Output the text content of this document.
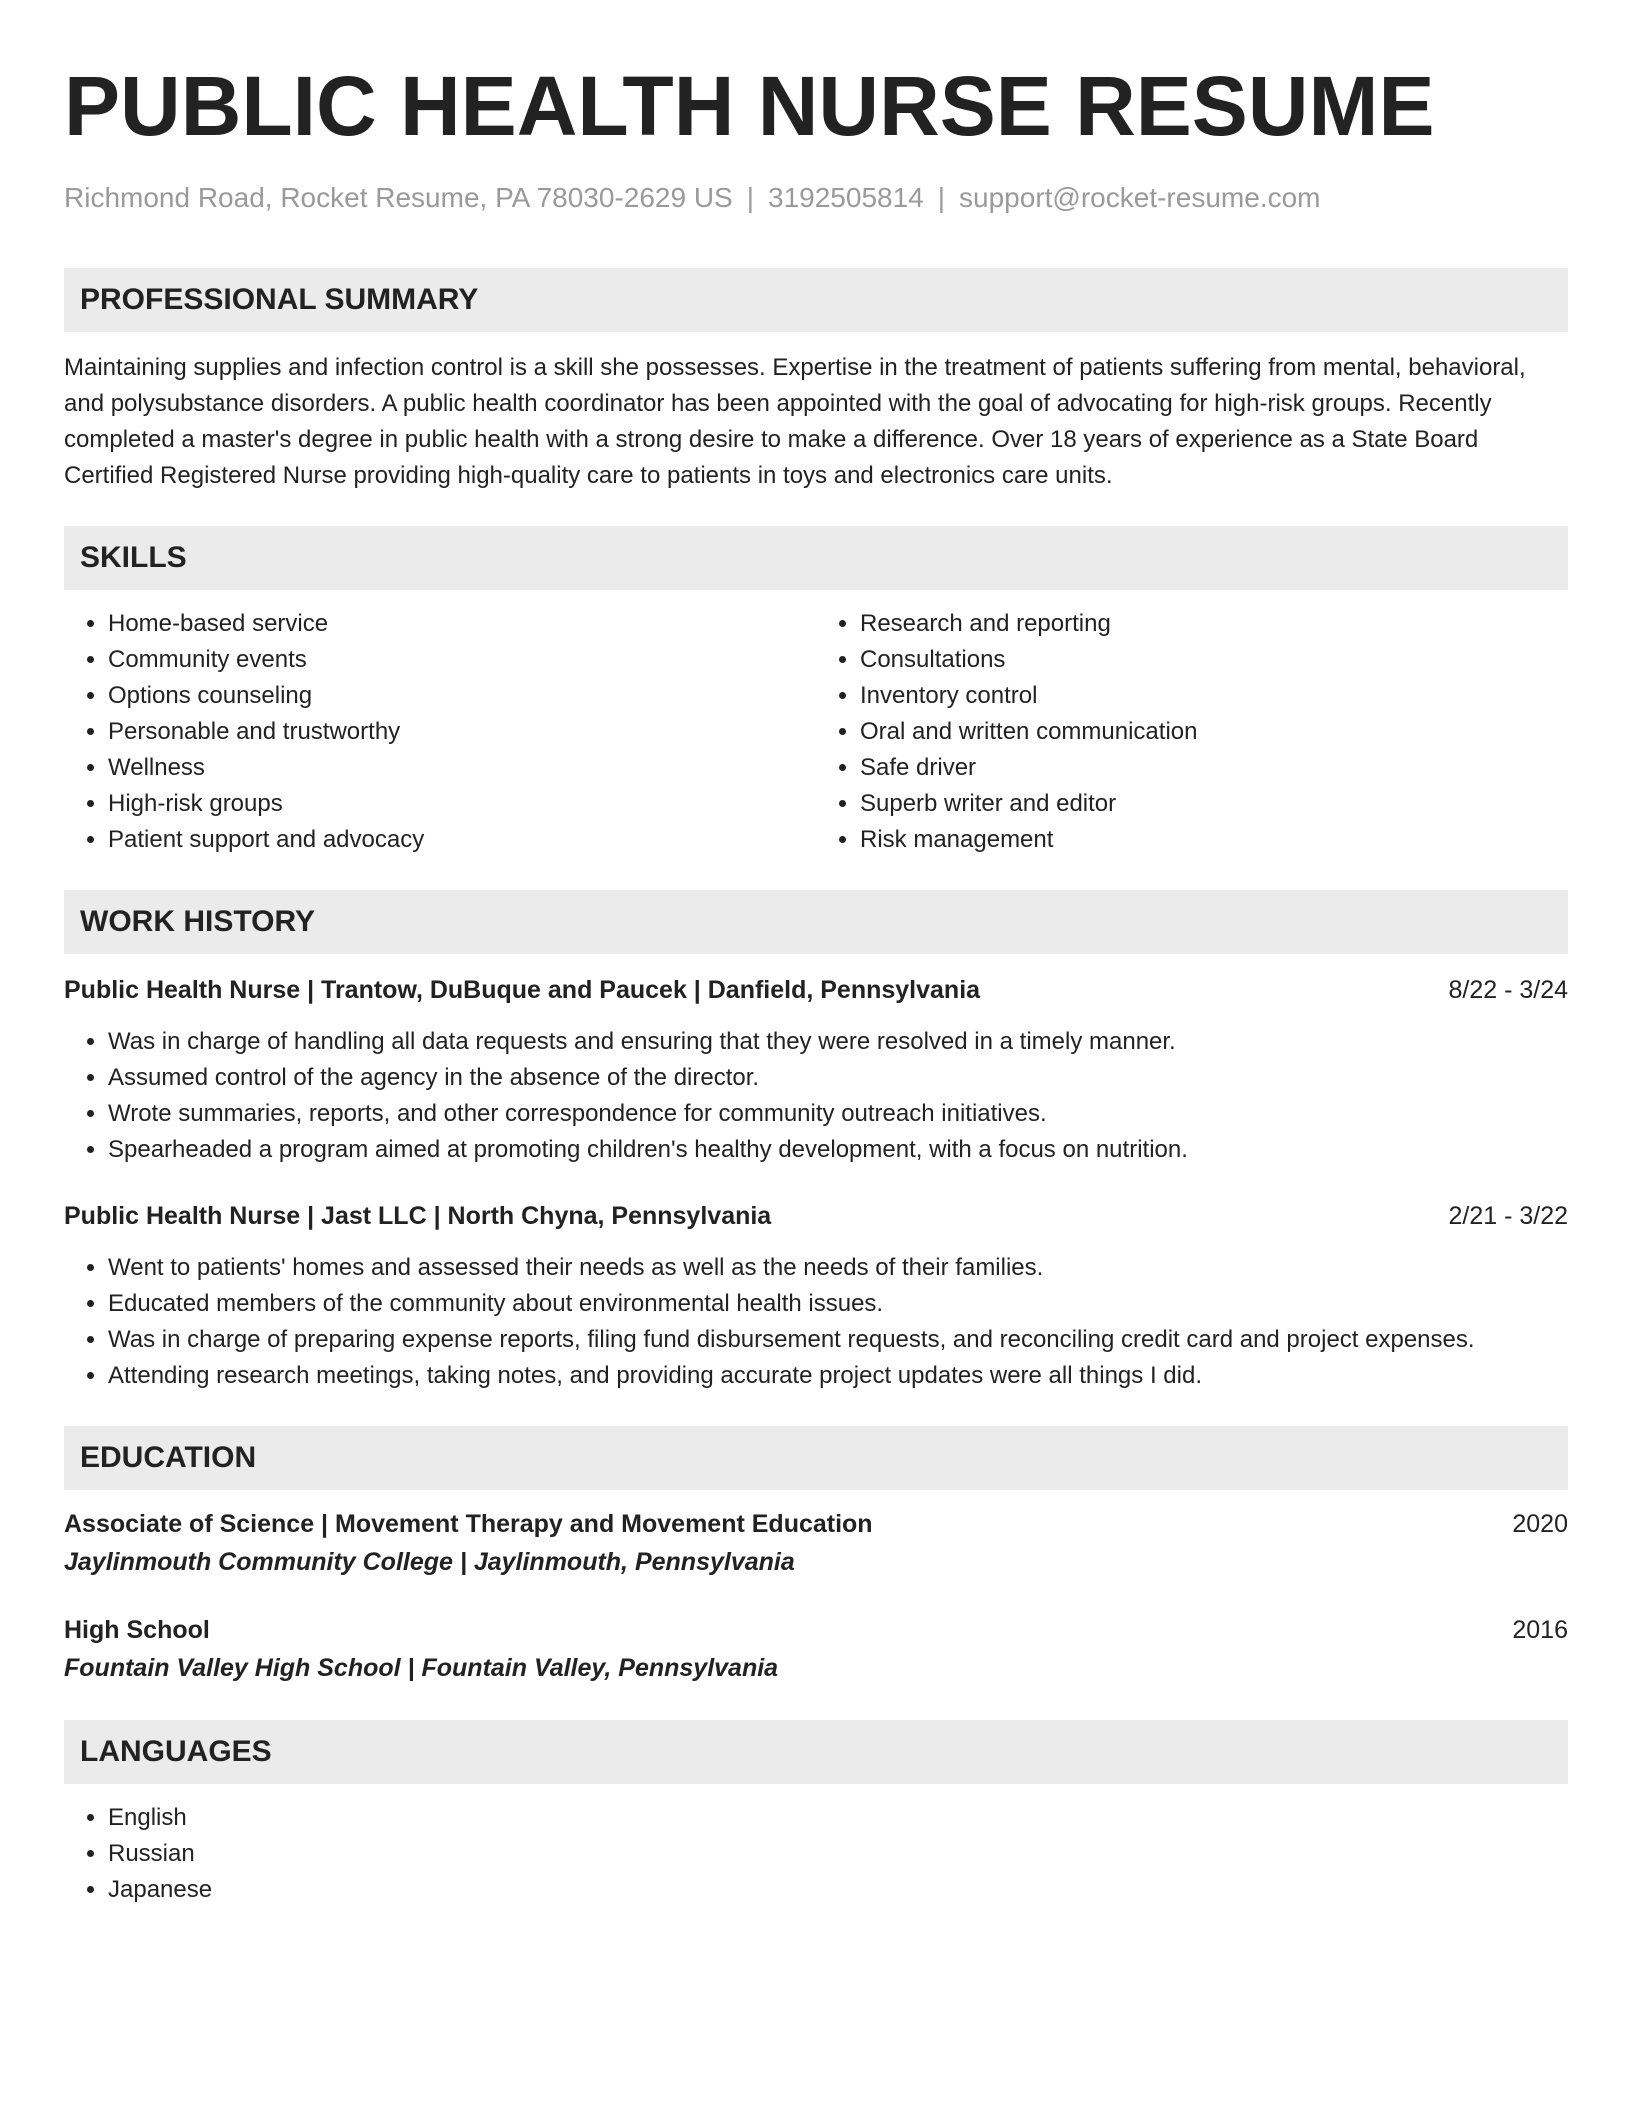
PUBLIC HEALTH NURSE RESUME
Richmond Road, Rocket Resume, PA 78030-2629 US | 3192505814 | support@rocket-resume.com
PROFESSIONAL SUMMARY
Maintaining supplies and infection control is a skill she possesses. Expertise in the treatment of patients suffering from mental, behavioral, and polysubstance disorders. A public health coordinator has been appointed with the goal of advocating for high-risk groups. Recently completed a master's degree in public health with a strong desire to make a difference. Over 18 years of experience as a State Board Certified Registered Nurse providing high-quality care to patients in toys and electronics care units.
SKILLS
• Home-based service
• Community events
• Options counseling
• Personable and trustworthy
• Wellness
• High-risk groups
• Patient support and advocacy
• Research and reporting
• Consultations
• Inventory control
• Oral and written communication
• Safe driver
• Superb writer and editor
• Risk management
WORK HISTORY
Public Health Nurse | Trantow, DuBuque and Paucek | Danfield, Pennsylvania	8/22 - 3/24
• Was in charge of handling all data requests and ensuring that they were resolved in a timely manner.
• Assumed control of the agency in the absence of the director.
• Wrote summaries, reports, and other correspondence for community outreach initiatives.
• Spearheaded a program aimed at promoting children's healthy development, with a focus on nutrition.
Public Health Nurse | Jast LLC | North Chyna, Pennsylvania	2/21 - 3/22
• Went to patients' homes and assessed their needs as well as the needs of their families.
• Educated members of the community about environmental health issues.
• Was in charge of preparing expense reports, filing fund disbursement requests, and reconciling credit card and project expenses.
• Attending research meetings, taking notes, and providing accurate project updates were all things I did.
EDUCATION
Associate of Science | Movement Therapy and Movement Education	2020
Jaylinmouth Community College | Jaylinmouth, Pennsylvania
High School	2016
Fountain Valley High School | Fountain Valley, Pennsylvania
LANGUAGES
• English
• Russian
• Japanese
